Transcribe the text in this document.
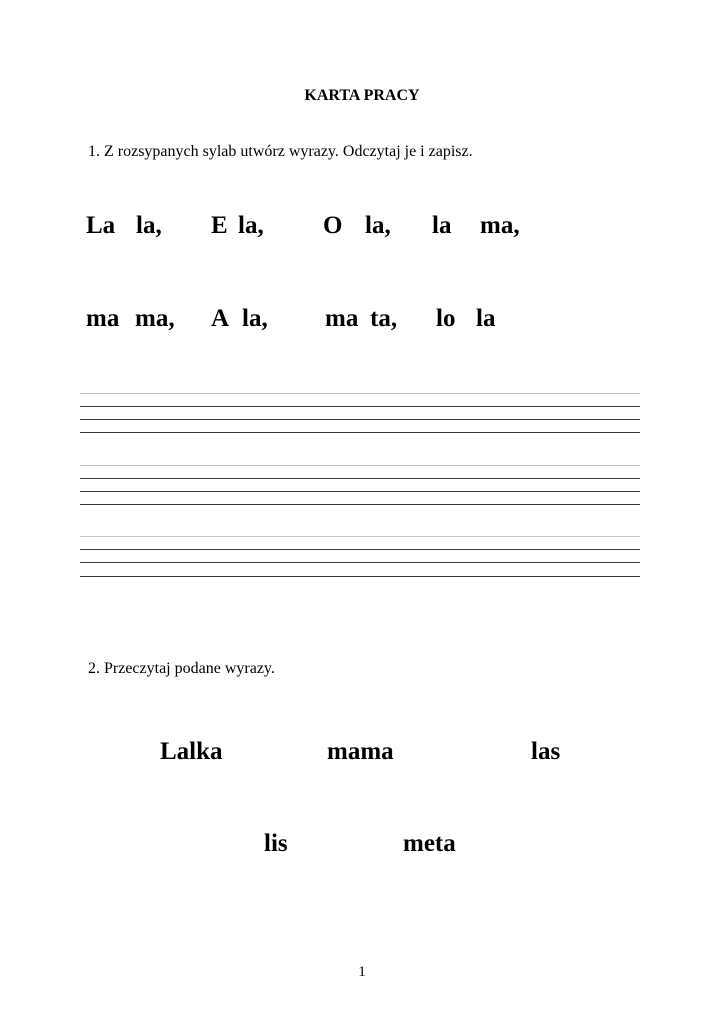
KARTA PRACY
1. Z rozsypanych sylab utwórz wyrazy. Odczytaj je i zapisz.
La la, E la, O la, la ma,
ma ma, A la, ma ta, lo la
2. Przeczytaj podane wyrazy.
Lalka	mama	las
lis	meta
1
